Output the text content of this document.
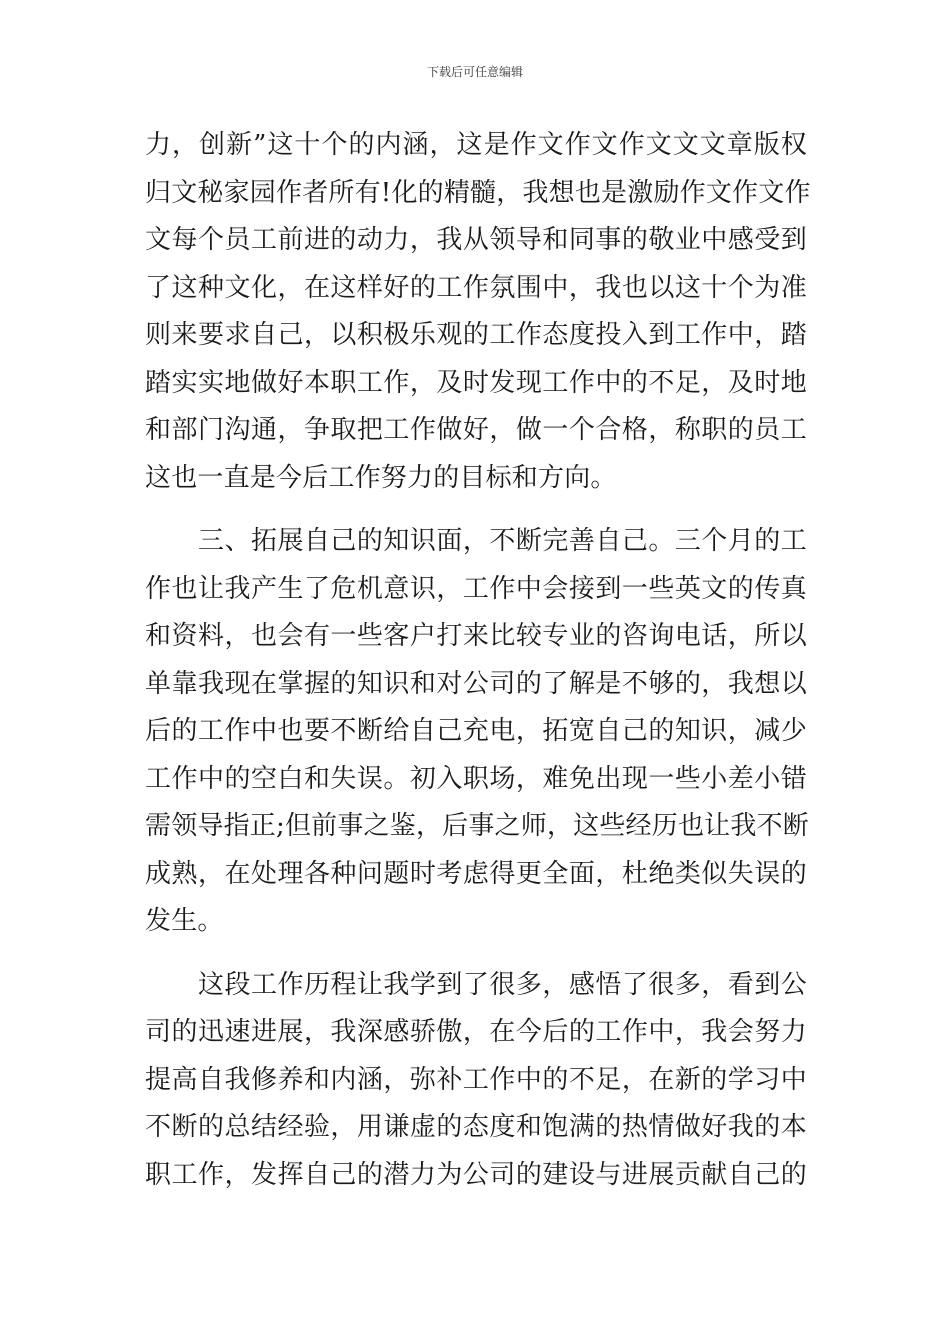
下载后可任意编辑
力，创新”这十个的内涵，这是作文作文作文文文章版权
归文秘家园作者所有!化的精髓，我想也是激励作文作文作
文每个员工前进的动力，我从领导和同事的敬业中感受到
了这种文化，在这样好的工作氛围中，我也以这十个为准
则来要求自己，以积极乐观的工作态度投入到工作中，踏
踏实实地做好本职工作，及时发现工作中的不足，及时地
和部门沟通，争取把工作做好，做一个合格，称职的员工
这也一直是今后工作努力的目标和方向。
　　三、拓展自己的知识面，不断完善自己。三个月的工
作也让我产生了危机意识，工作中会接到一些英文的传真
和资料，也会有一些客户打来比较专业的咨询电话，所以
单靠我现在掌握的知识和对公司的了解是不够的，我想以
后的工作中也要不断给自己充电，拓宽自己的知识，减少
工作中的空白和失误。初入职场，难免出现一些小差小错
需领导指正;但前事之鉴，后事之师，这些经历也让我不断
成熟，在处理各种问题时考虑得更全面，杜绝类似失误的
发生。
　　这段工作历程让我学到了很多，感悟了很多，看到公
司的迅速进展，我深感骄傲，在今后的工作中，我会努力
提高自我修养和内涵，弥补工作中的不足，在新的学习中
不断的总结经验，用谦虚的态度和饱满的热情做好我的本
职工作，发挥自己的潜力为公司的建设与进展贡献自己的
